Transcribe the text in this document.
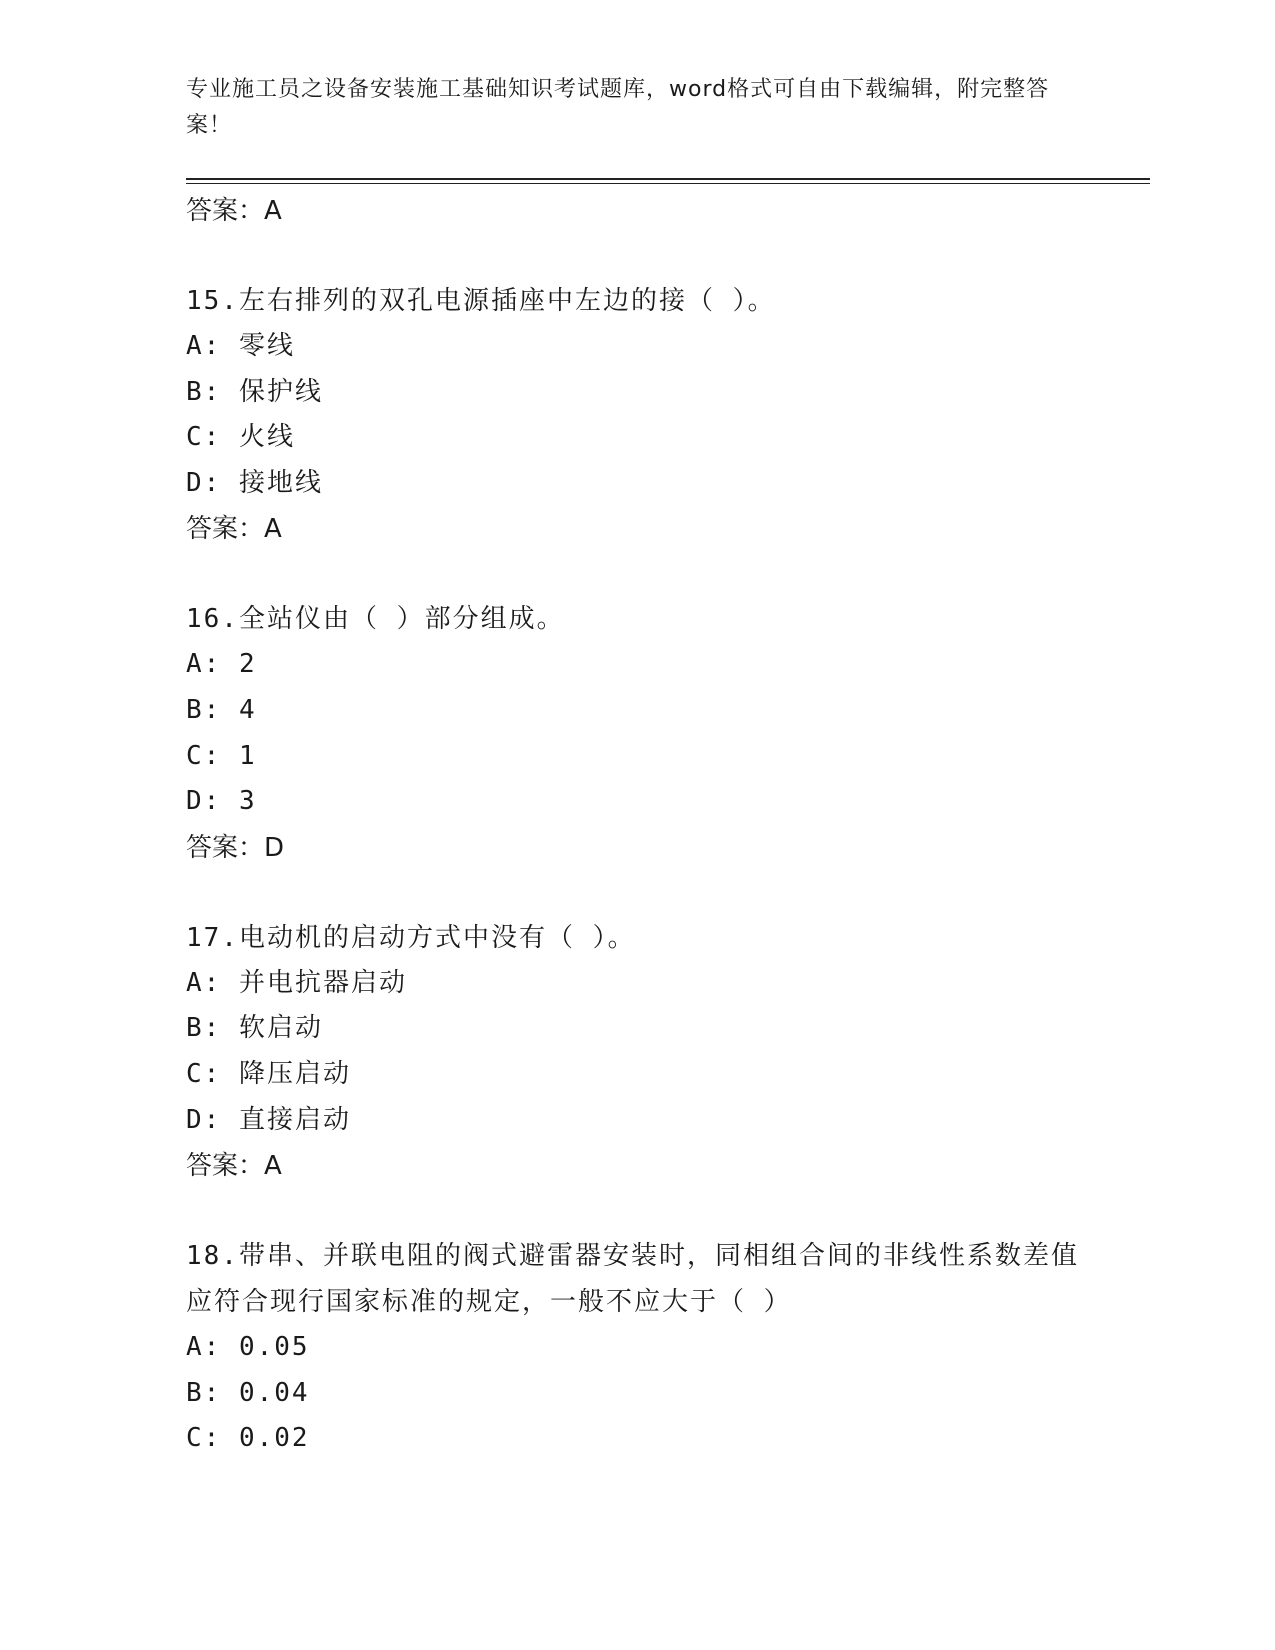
专业施工员之设备安装施工基础知识考试题库，word格式可自由下载编辑，附完整答案！
答案：A
15.左右排列的双孔电源插座中左边的接（ ）。
A: 零线
B: 保护线
C: 火线
D: 接地线
答案：A
16.全站仪由（ ）部分组成。
A: 2
B: 4
C: 1
D: 3
答案：D
17.电动机的启动方式中没有（ ）。
A: 并电抗器启动
B: 软启动
C: 降压启动
D: 直接启动
答案：A
18.带串、并联电阻的阀式避雷器安装时，同相组合间的非线性系数差值应符合现行国家标准的规定，一般不应大于（ ）
A: 0.05
B: 0.04
C: 0.02
